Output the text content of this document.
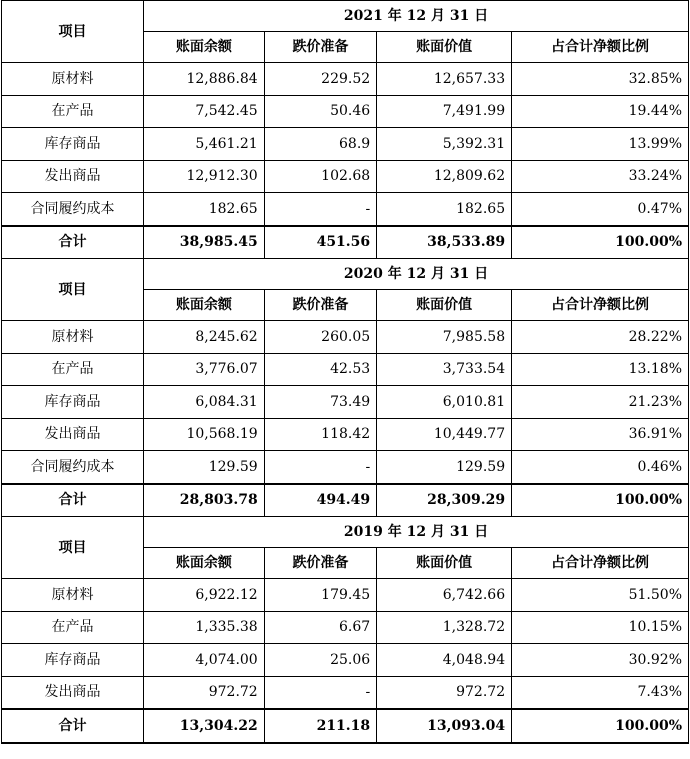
项目	2021 年 12 月 31 日			
	账面余额	跌价准备	账面价值	占合计净额比例
原材料	12,886.84	229.52	12,657.33	32.85%
在产品	7,542.45	50.46	7,491.99	19.44%
库存商品	5,461.21	68.9	5,392.31	13.99%
发出商品	12,912.30	102.68	12,809.62	33.24%
合同履约成本	182.65	-	182.65	0.47%
合计	38,985.45	451.56	38,533.89	100.00%
项目	2020 年 12 月 31 日			
	账面余额	跌价准备	账面价值	占合计净额比例
原材料	8,245.62	260.05	7,985.58	28.22%
在产品	3,776.07	42.53	3,733.54	13.18%
库存商品	6,084.31	73.49	6,010.81	21.23%
发出商品	10,568.19	118.42	10,449.77	36.91%
合同履约成本	129.59	-	129.59	0.46%
合计	28,803.78	494.49	28,309.29	100.00%
项目	2019 年 12 月 31 日			
	账面余额	跌价准备	账面价值	占合计净额比例
原材料	6,922.12	179.45	6,742.66	51.50%
在产品	1,335.38	6.67	1,328.72	10.15%
库存商品	4,074.00	25.06	4,048.94	30.92%
发出商品	972.72	-	972.72	7.43%
合计	13,304.22	211.18	13,093.04	100.00%
